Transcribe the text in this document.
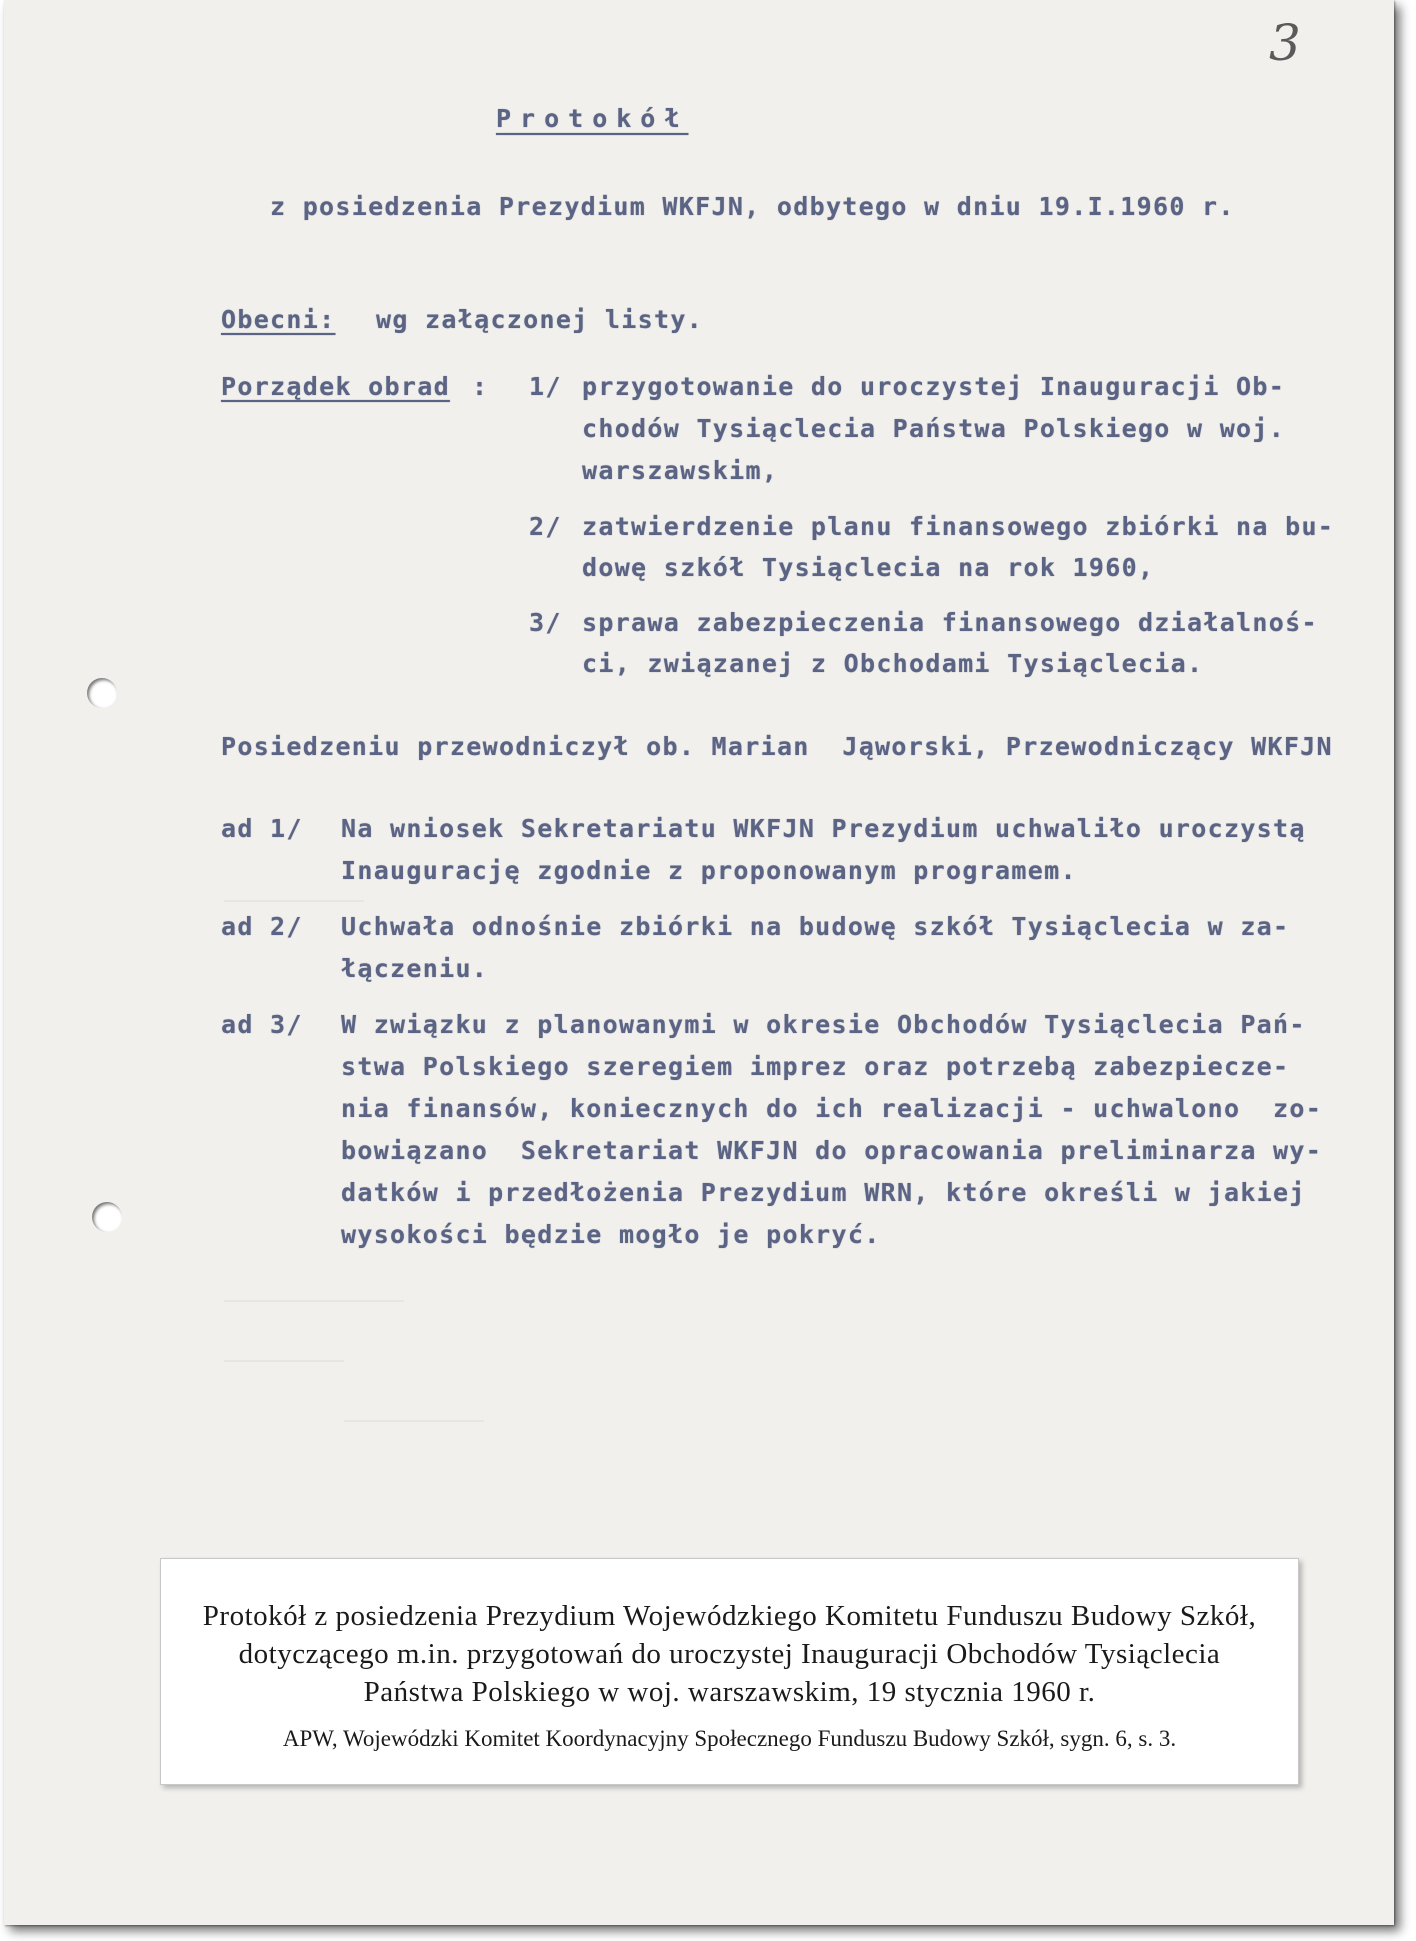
3
Protokół
z posiedzenia Prezydium WKFJN, odbytego w dniu 19.I.1960 r.
Obecni: wg załączonej listy.
Porządek obrad : 1/ przygotowanie do uroczystej Inauguracji Ob-
chodów Tysiąclecia Państwa Polskiego w woj.
warszawskim,
2/ zatwierdzenie planu finansowego zbiórki na bu-
dowę szkół Tysiąclecia na rok 1960,
3/ sprawa zabezpieczenia finansowego działalnoś-
ci, związanej z Obchodami Tysiąclecia.
Posiedzeniu przewodniczył ob. Marian  Jąworski, Przewodniczący WKFJN
ad 1/ Na wniosek Sekretariatu WKFJN Prezydium uchwaliło uroczystą
Inaugurację zgodnie z proponowanym programem.
ad 2/ Uchwała odnośnie zbiórki na budowę szkół Tysiąclecia w za-
łączeniu.
ad 3/ W związku z planowanymi w okresie Obchodów Tysiąclecia Pań-
stwa Polskiego szeregiem imprez oraz potrzebą zabezpiecze-
nia finansów, koniecznych do ich realizacji - uchwalono  zo-
bowiązano  Sekretariat WKFJN do opracowania preliminarza wy-
datków i przedłożenia Prezydium WRN, które określi w jakiej
wysokości będzie mogło je pokryć.
Protokół z posiedzenia Prezydium Wojewódzkiego Komitetu Funduszu Budowy Szkół, dotyczącego m.in. przygotowań do uroczystej Inauguracji Obchodów Tysiąclecia Państwa Polskiego w woj. warszawskim, 19 stycznia 1960 r.
APW, Wojewódzki Komitet Koordynacyjny Społecznego Funduszu Budowy Szkół, sygn. 6, s. 3.
